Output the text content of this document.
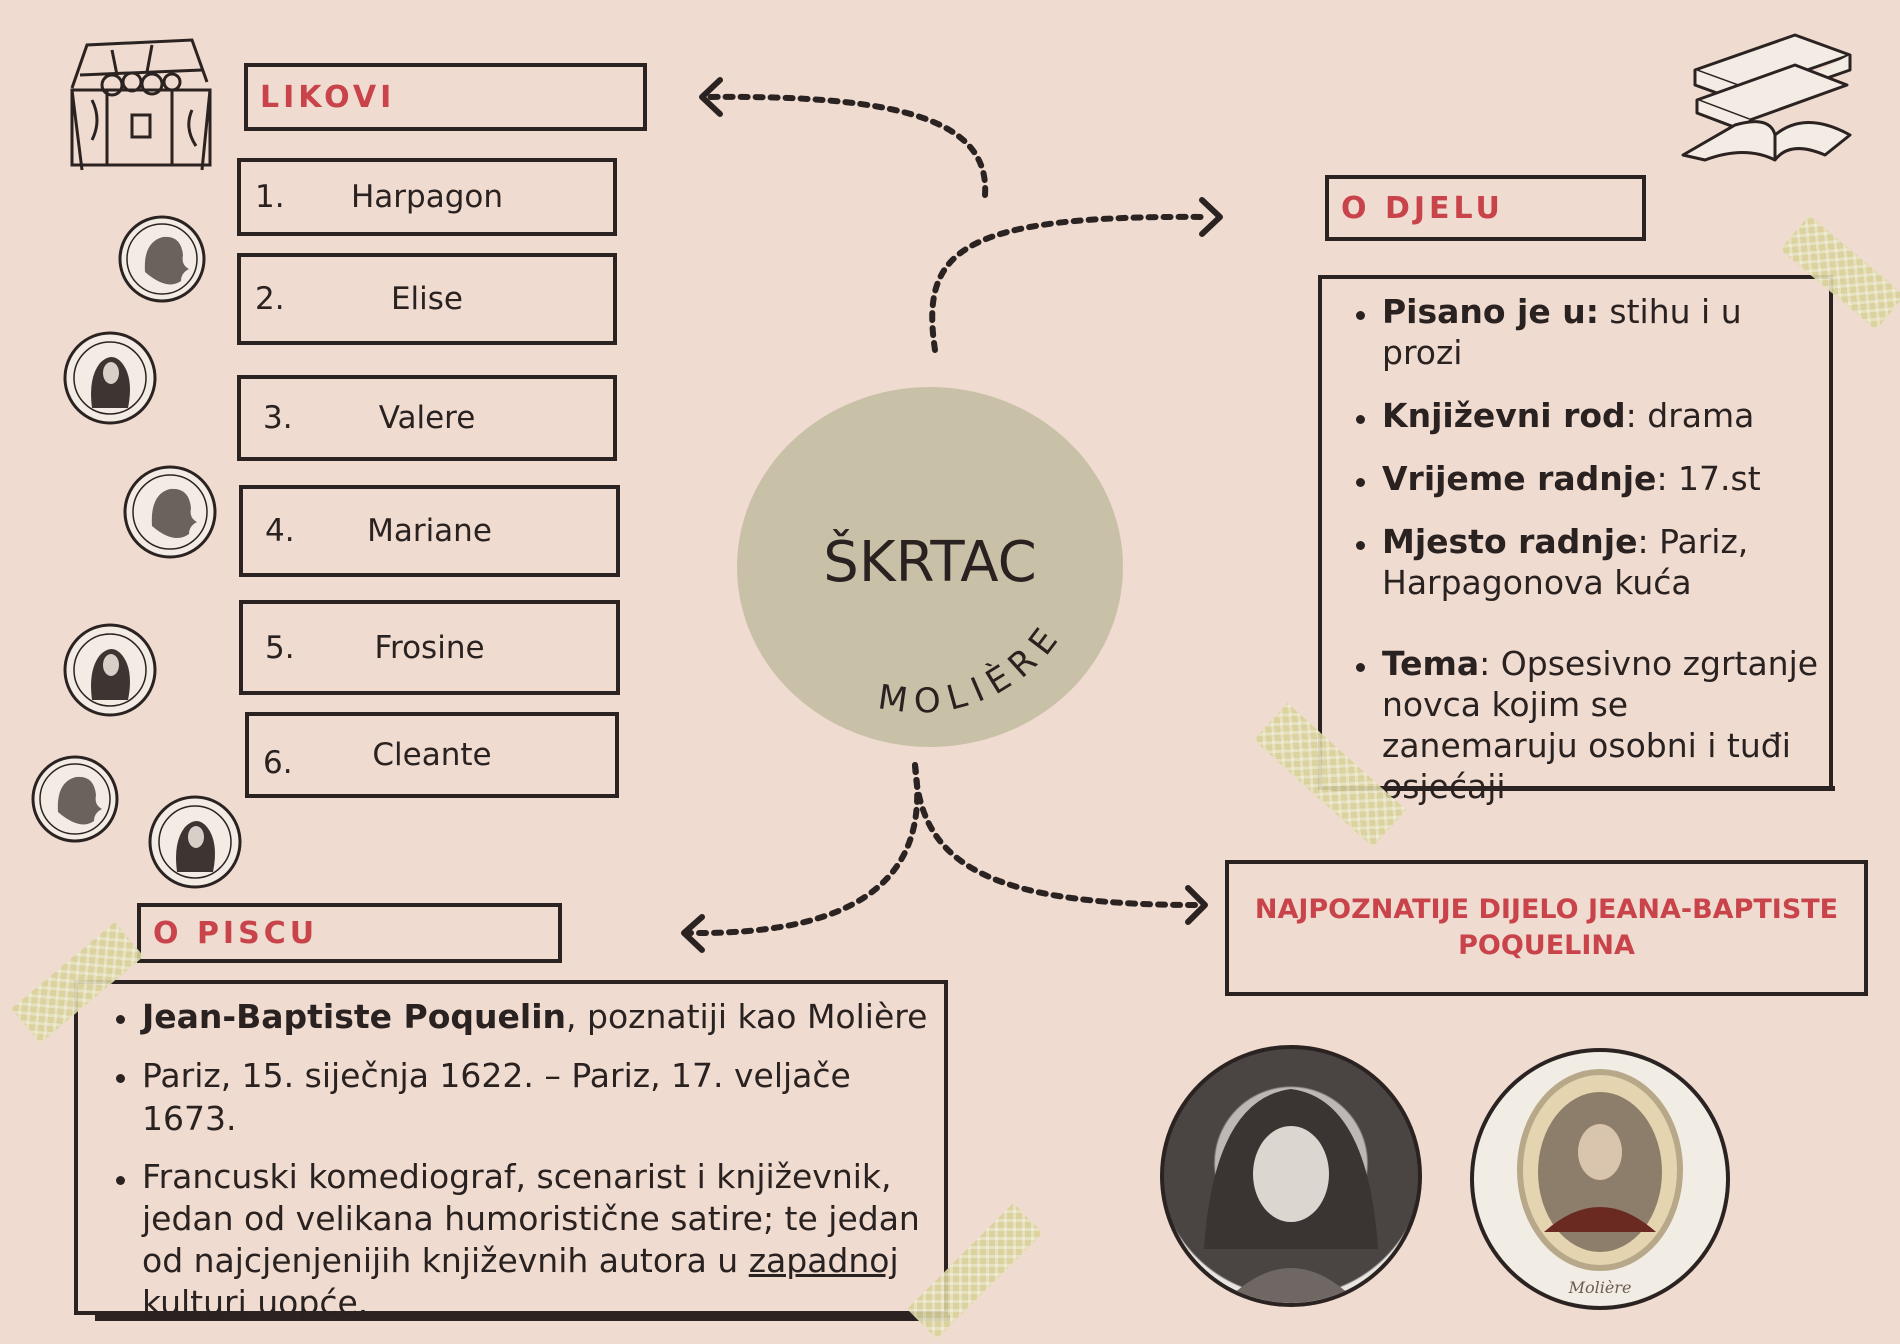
ŠKRTAC
MOLIÈRE
LIKOVI
1.	Harpagon
2.	Elise
3.	Valere
4.	Mariane
5.	Frosine
6.	Cleante
O DJELU
Pisano je u: stihu i u prozi
Književni rod: drama
Vrijeme radnje: 17.st
Mjesto radnje: Pariz, Harpagonova kuća
Tema: Opsesivno zgrtanje novca kojim se zanemaruju osobni i tuđi osjećaji
NAJPOZNATIJE DIJELO JEANA-BAPTISTE POQUELINA
Molière
O PISCU
Jean-Baptiste Poquelin, poznatiji kao Molière
Pariz, 15. siječnja 1622. – Pariz, 17. veljače 1673.
Francuski komediograf, scenarist i književnik, jedan od velikana humoristične satire; te jedan od najcjenjenijih književnih autora u zapadnoj kulturi uopće.
